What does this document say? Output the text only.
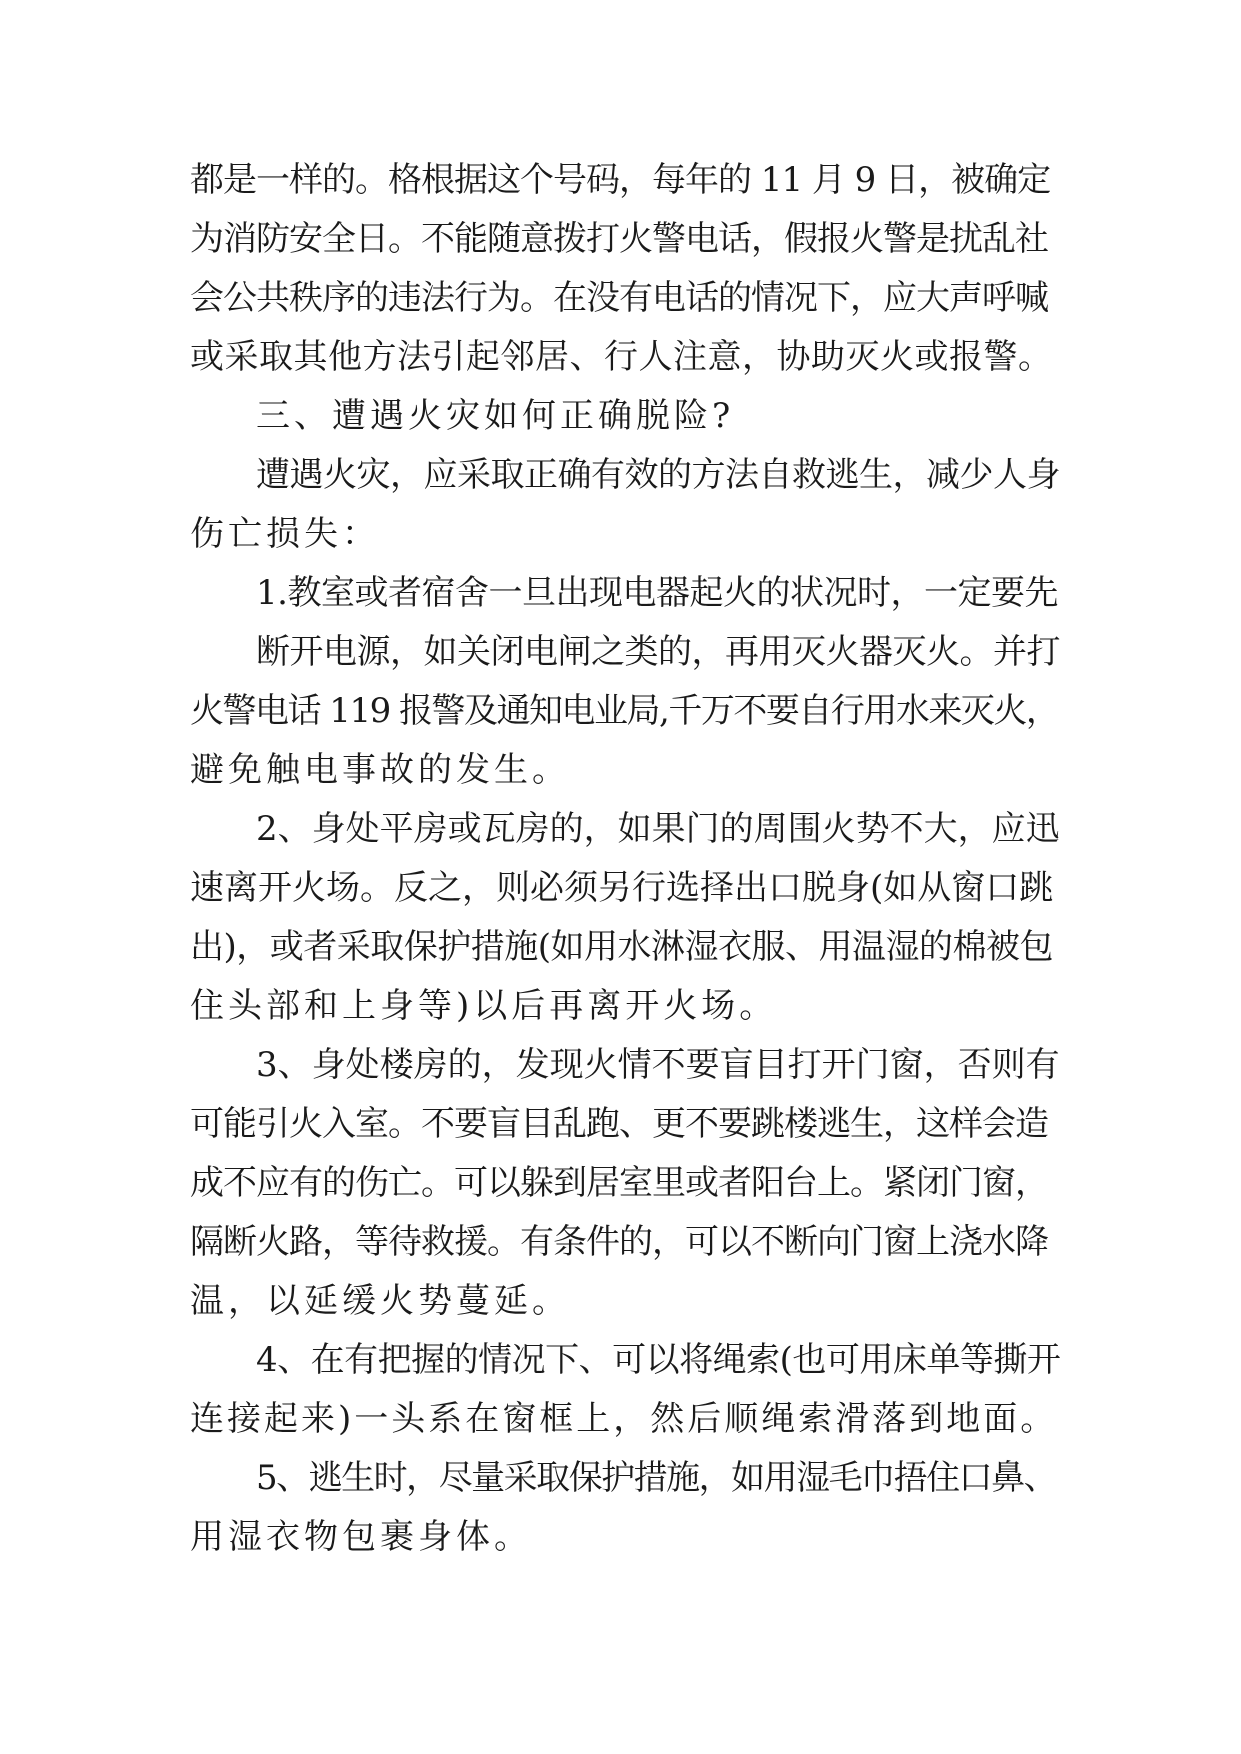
都是一样的。格根据这个号码，每年的 11 月 9 日，被确定
为消防安全日。不能随意拨打火警电话，假报火警是扰乱社
会公共秩序的违法行为。在没有电话的情况下，应大声呼喊
或采取其他方法引起邻居、行人注意，协助灭火或报警。
三、遭遇火灾如何正确脱险?
遭遇火灾，应采取正确有效的方法自救逃生，减少人身
伤亡损失：
1.教室或者宿舍一旦出现电器起火的状况时，一定要先
断开电源，如关闭电闸之类的，再用灭火器灭火。并打
火警电话 119 报警及通知电业局,千万不要自行用水来灭火，
避免触电事故的发生。
2、身处平房或瓦房的，如果门的周围火势不大，应迅
速离开火场。反之，则必须另行选择出口脱身(如从窗口跳
出)，或者采取保护措施(如用水淋湿衣服、用温湿的棉被包
住头部和上身等)以后再离开火场。
3、身处楼房的，发现火情不要盲目打开门窗，否则有
可能引火入室。不要盲目乱跑、更不要跳楼逃生，这样会造
成不应有的伤亡。可以躲到居室里或者阳台上。紧闭门窗，
隔断火路，等待救援。有条件的，可以不断向门窗上浇水降
温，以延缓火势蔓延。
4、在有把握的情况下、可以将绳索(也可用床单等撕开
连接起来)一头系在窗框上，然后顺绳索滑落到地面。
5、逃生时，尽量采取保护措施，如用湿毛巾捂住口鼻、
用湿衣物包裹身体。
